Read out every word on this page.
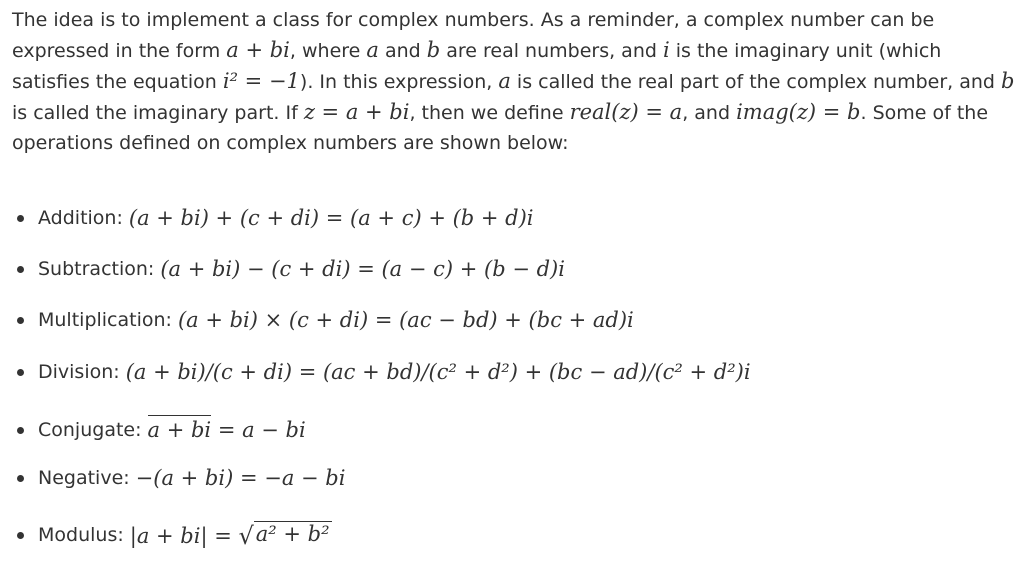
The idea is to implement a class for complex numbers. As a reminder, a complex number can be expressed in the form a + bi, where a and b are real numbers, and i is the imaginary unit (which satisfies the equation i² = −1). In this expression, a is called the real part of the complex number, and b is called the imaginary part. If z = a + bi, then we define real(z) = a, and imag(z) = b. Some of the operations defined on complex numbers are shown below:

Addition: (a + bi) + (c + di) = (a + c) + (b + d)i
Subtraction: (a + bi) − (c + di) = (a − c) + (b − d)i
Multiplication: (a + bi) × (c + di) = (ac − bd) + (bc + ad)i
Division: (a + bi)/(c + di) = (ac + bd)/(c² + d²) + (bc − ad)/(c² + d²)i
Conjugate: a + bi = a − bi
Negative: −(a + bi) = −a − bi
Modulus: |a + bi| = √ a² + b²
